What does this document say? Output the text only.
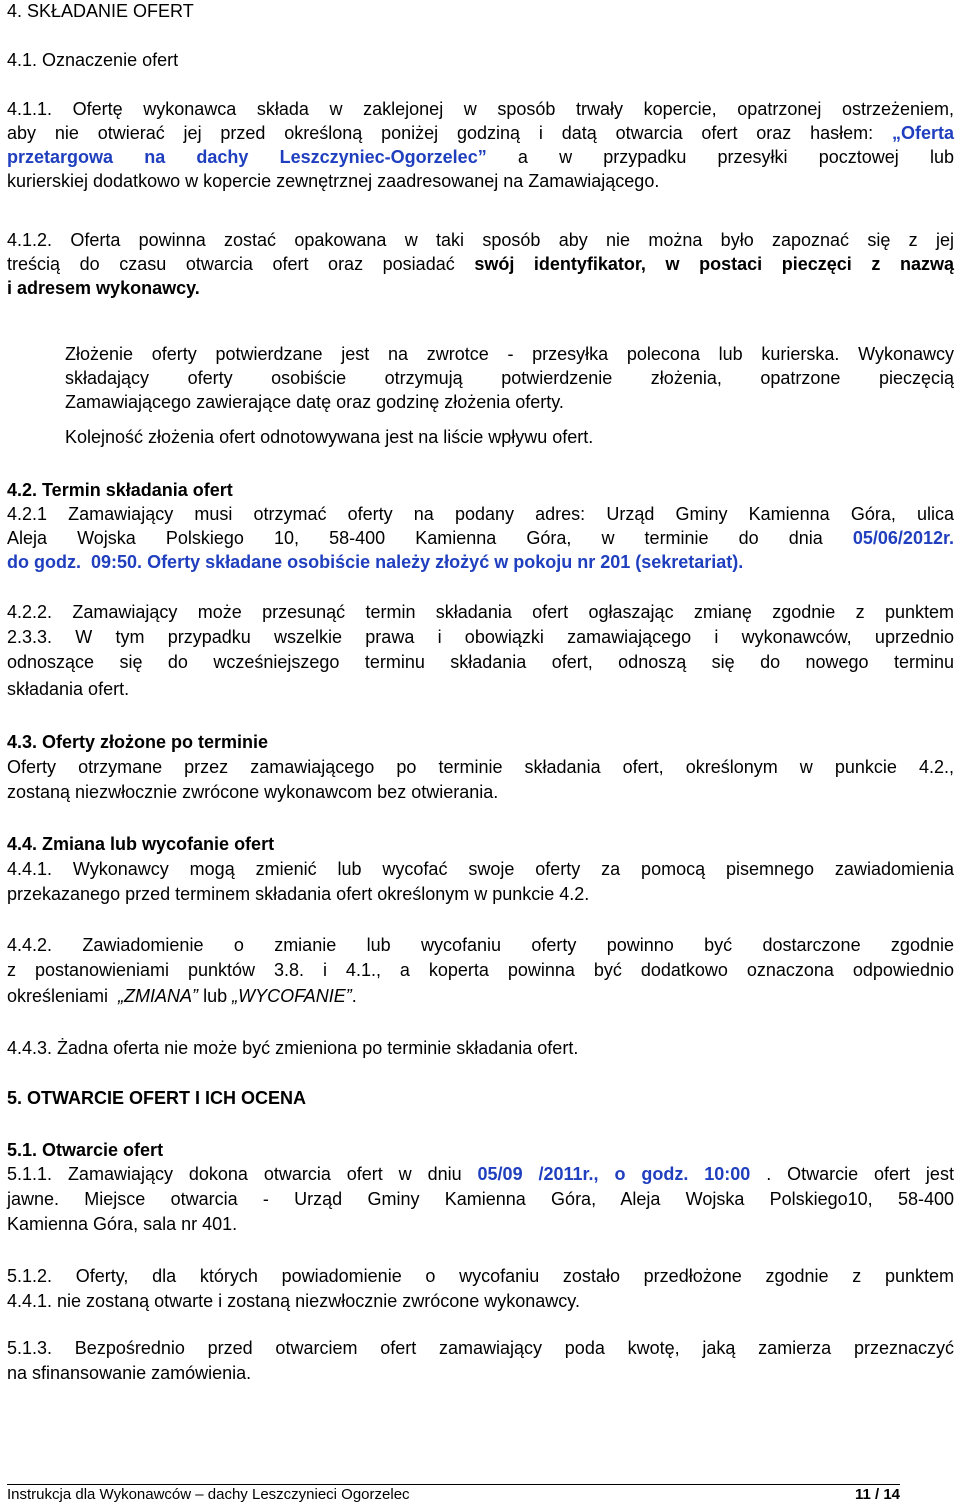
4. SKŁADANIE OFERT
4.1. Oznaczenie ofert
4.1.1. Ofertę wykonawca składa w zaklejonej w sposób trwały kopercie, opatrzonej ostrzeżeniem,
aby nie otwierać jej przed określoną poniżej godziną i datą otwarcia ofert oraz hasłem: „Oferta
przetargowa na dachy Leszczyniec-Ogorzelec” a w przypadku przesyłki pocztowej lub
kurierskiej dodatkowo w kopercie zewnętrznej zaadresowanej na Zamawiającego.
4.1.2. Oferta powinna zostać opakowana w taki sposób aby nie można było zapoznać się z jej
treścią do czasu otwarcia ofert oraz posiadać swój identyfikator, w postaci pieczęci z nazwą
i adresem wykonawcy.
Złożenie oferty potwierdzane jest na zwrotce - przesyłka polecona lub kurierska. Wykonawcy
składający oferty osobiście otrzymują potwierdzenie złożenia, opatrzone pieczęcią
Zamawiającego zawierające datę oraz godzinę złożenia oferty.
Kolejność złożenia ofert odnotowywana jest na liście wpływu ofert.
4.2. Termin składania ofert
4.2.1 Zamawiający musi otrzymać oferty na podany adres: Urząd Gminy Kamienna Góra, ulica
Aleja Wojska Polskiego 10, 58-400 Kamienna Góra, w terminie do dnia 05/06/2012r.
do godz. 09:50. Oferty składane osobiście należy złożyć w pokoju nr 201 (sekretariat).
4.2.2. Zamawiający może przesunąć termin składania ofert ogłaszając zmianę zgodnie z punktem
2.3.3. W tym przypadku wszelkie prawa i obowiązki zamawiającego i wykonawców, uprzednio
odnoszące się do wcześniejszego terminu składania ofert, odnoszą się do nowego terminu
składania ofert.
4.3. Oferty złożone po terminie
Oferty otrzymane przez zamawiającego po terminie składania ofert, określonym w punkcie 4.2.,
zostaną niezwłocznie zwrócone wykonawcom bez otwierania.
4.4. Zmiana lub wycofanie ofert
4.4.1. Wykonawcy mogą zmienić lub wycofać swoje oferty za pomocą pisemnego zawiadomienia
przekazanego przed terminem składania ofert określonym w punkcie 4.2.
4.4.2. Zawiadomienie o zmianie lub wycofaniu oferty powinno być dostarczone zgodnie
z postanowieniami punktów 3.8. i 4.1., a koperta powinna być dodatkowo oznaczona odpowiednio
określeniami „ZMIANA” lub „WYCOFANIE”.
4.4.3. Żadna oferta nie może być zmieniona po terminie składania ofert.
5. OTWARCIE OFERT I ICH OCENA
5.1. Otwarcie ofert
5.1.1. Zamawiający dokona otwarcia ofert w dniu 05/09 /2011r., o godz. 10:00 . Otwarcie ofert jest
jawne. Miejsce otwarcia - Urząd Gminy Kamienna Góra, Aleja Wojska Polskiego10, 58-400
Kamienna Góra, sala nr 401.
5.1.2. Oferty, dla których powiadomienie o wycofaniu zostało przedłożone zgodnie z punktem
4.4.1. nie zostaną otwarte i zostaną niezwłocznie zwrócone wykonawcy.
5.1.3. Bezpośrednio przed otwarciem ofert zamawiający poda kwotę, jaką zamierza przeznaczyć
na sfinansowanie zamówienia.
Instrukcja dla Wykonawców – dachy Leszczynieci Ogorzelec	11 / 14
